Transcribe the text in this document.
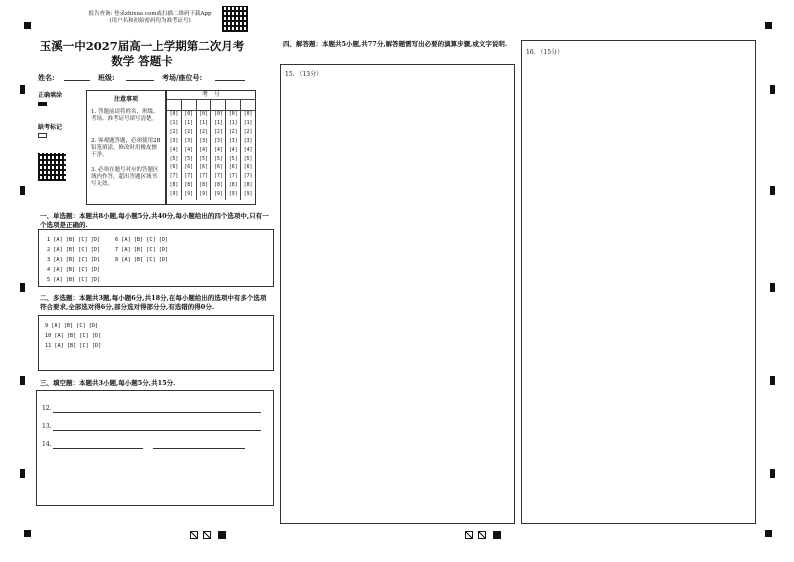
报告查询: 登录zhixue.com或扫描二维码下载App
(用户名和初始密码均为准考证号)
玉溪一中2027届高一上学期第二次月考
数学 答题卡
姓名:	班级:	考场/座位号:
正确填涂
缺考标记
注意事项
1. 答题前请将姓名、班级、考场、准考证号填写清楚。
2. 客观题答题，必须使用2B铅笔填涂，修改时用橡皮擦干净。
3. 必须在题号对应的答题区域内作答，超出答题区域书写无效。
考　号
[0]
[1]
[2]
[3]
[4]
[5]
[6]
[7]
[8]
[9]
[0]
[1]
[2]
[3]
[4]
[5]
[6]
[7]
[8]
[9]
[0]
[1]
[2]
[3]
[4]
[5]
[6]
[7]
[8]
[9]
[0]
[1]
[2]
[3]
[4]
[5]
[6]
[7]
[8]
[9]
[0]
[1]
[2]
[3]
[4]
[5]
[6]
[7]
[8]
[9]
[0]
[1]
[2]
[3]
[4]
[5]
[6]
[7]
[8]
[9]
一、单选题：本题共8小题,每小题5分,共40分,每小题给出的四个选项中,只有一个选项是正确的.
1 [A] [B] [C] [D]
2 [A] [B] [C] [D]
3 [A] [B] [C] [D]
4 [A] [B] [C] [D]
5 [A] [B] [C] [D]
6 [A] [B] [C] [D]
7 [A] [B] [C] [D]
8 [A] [B] [C] [D]
二、多选题：本题共3题,每小题6分,共18分,在每小题给出的选项中有多个选项符合要求,全部选对得6分,部分选对得部分分,有选错的得0分.
9 [A] [B] [C] [D]
10 [A] [B] [C] [D]
11 [A] [B] [C] [D]
三、填空题：本题共3小题,每小题5分,共15分.
12.
13.
14.
四、解答题：本题共5小题,共77分,解答题需写出必要的演算步骤,或文字说明.
15. （13分）
16. （15分）
